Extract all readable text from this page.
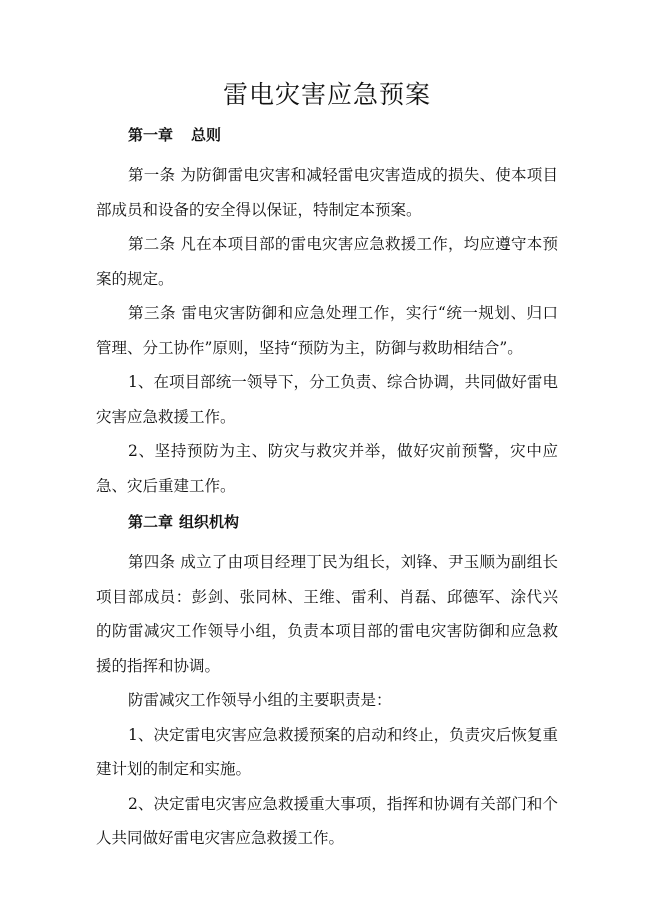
雷电灾害应急预案
第一章 总则

第一条 为防御雷电灾害和减轻雷电灾害造成的损失、使本项目部成员和设备的安全得以保证，特制定本预案。

第二条 凡在本项目部的雷电灾害应急救援工作，均应遵守本预案的规定。

第三条 雷电灾害防御和应急处理工作，实行“统一规划、归口管理、分工协作”原则，坚持“预防为主，防御与救助相结合”。

1、在项目部统一领导下，分工负责、综合协调，共同做好雷电灾害应急救援工作。

2、坚持预防为主、防灾与救灾并举，做好灾前预警，灾中应急、灾后重建工作。

第二章 组织机构

第四条 成立了由项目经理丁民为组长，刘锋、尹玉顺为副组长项目部成员：彭剑、张同林、王维、雷利、肖磊、邱德军、涂代兴的防雷减灾工作领导小组，负责本项目部的雷电灾害防御和应急救援的指挥和协调。

防雷减灾工作领导小组的主要职责是：

1、决定雷电灾害应急救援预案的启动和终止，负责灾后恢复重建计划的制定和实施。

2、决定雷电灾害应急救援重大事项，指挥和协调有关部门和个人共同做好雷电灾害应急救援工作。
